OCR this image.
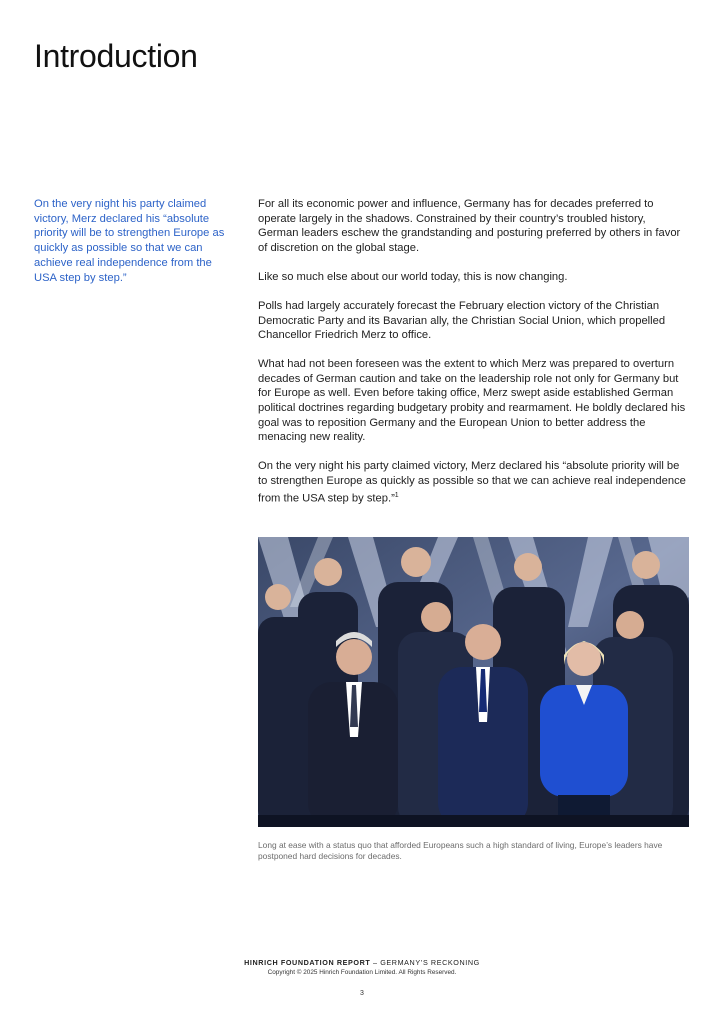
Introduction
On the very night his party claimed victory, Merz declared his “absolute priority will be to strengthen Europe as quickly as possible so that we can achieve real independence from the USA step by step.”

For all its economic power and influence, Germany has for decades preferred to operate largely in the shadows. Constrained by their country’s troubled history, German leaders eschew the grandstanding and posturing preferred by others in favor of discretion on the global stage.

Like so much else about our world today, this is now changing.

Polls had largely accurately forecast the February election victory of the Christian Democratic Party and its Bavarian ally, the Christian Social Union, which propelled Chancellor Friedrich Merz to office.

What had not been foreseen was the extent to which Merz was prepared to overturn decades of German caution and take on the leadership role not only for Germany but for Europe as well. Even before taking office, Merz swept aside established German political doctrines regarding budgetary probity and rearmament. He boldly declared his goal was to reposition Germany and the European Union to better address the menacing new reality.

On the very night his party claimed victory, Merz declared his “absolute priority will be to strengthen Europe as quickly as possible so that we can achieve real independence from the USA step by step.”$^1$

Long at ease with a status quo that afforded Europeans such a high standard of living, Europe’s leaders have postponed hard decisions for decades.
HINRICH FOUNDATION REPORT – GERMANY’S RECKONING
Copyright © 2025 Hinrich Foundation Limited. All Rights Reserved.
3
